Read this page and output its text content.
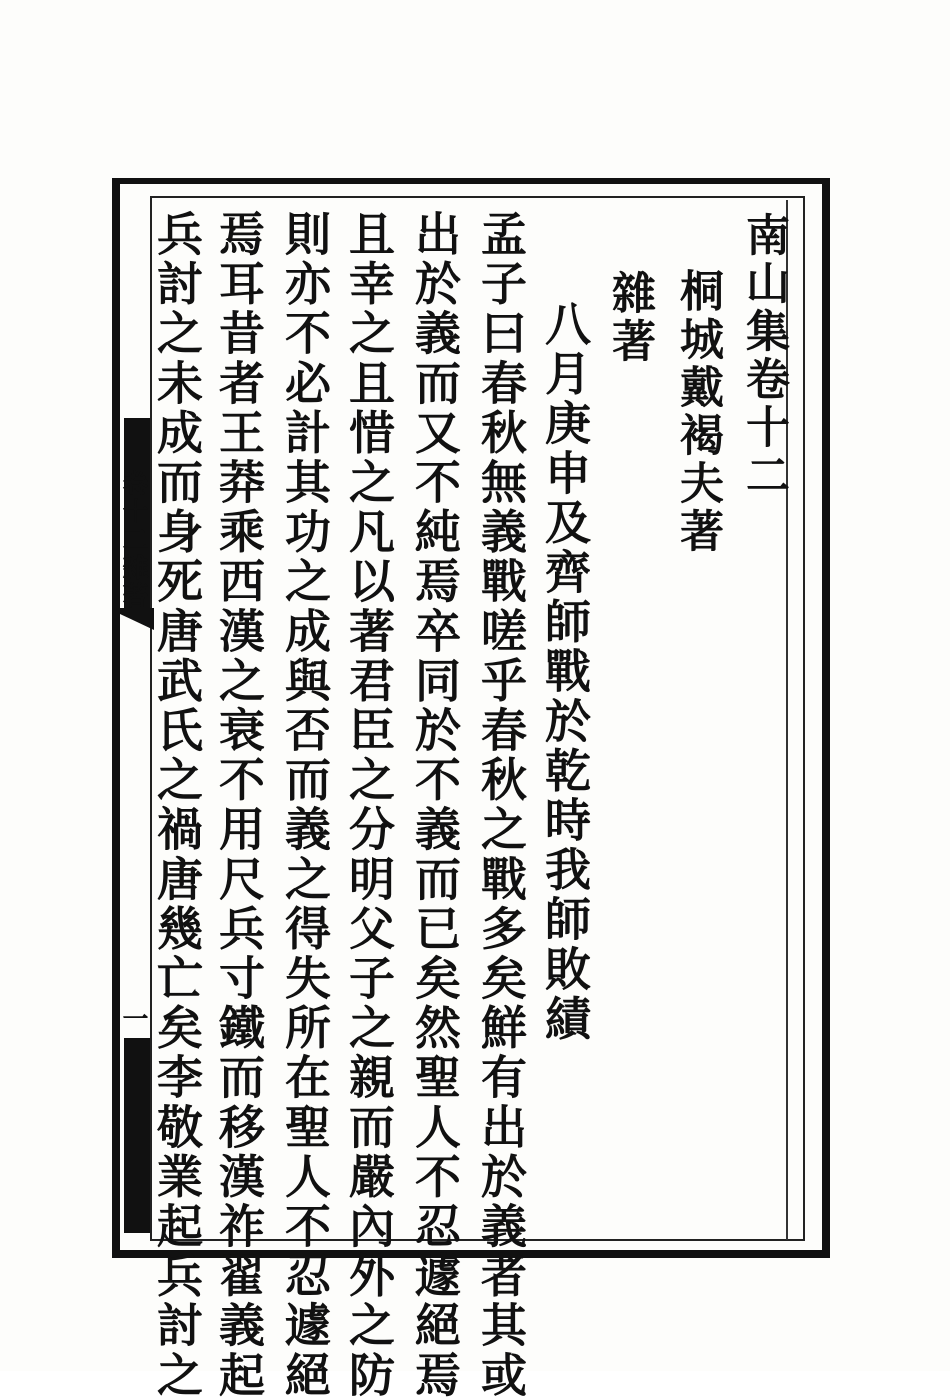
卷十二雜著
一
南山集卷十二
桐城戴褐夫著
雜著
八月庚申及齊師戰於乾時我師敗績
孟子曰春秋無義戰嗟乎春秋之戰多矣鮮有出於義者其或
出於義而又不純焉卒同於不義而已矣然聖人不忍遽絕焉
且幸之且惜之凡以著君臣之分明父子之親而嚴內外之防
則亦不必計其功之成與否而義之得失所在聖人不忍遽絕
焉耳昔者王莽乘西漢之衰不用尺兵寸鐵而移漢祚翟義起
兵討之未成而身死唐武氏之禍唐幾亡矣李敬業起兵討之
